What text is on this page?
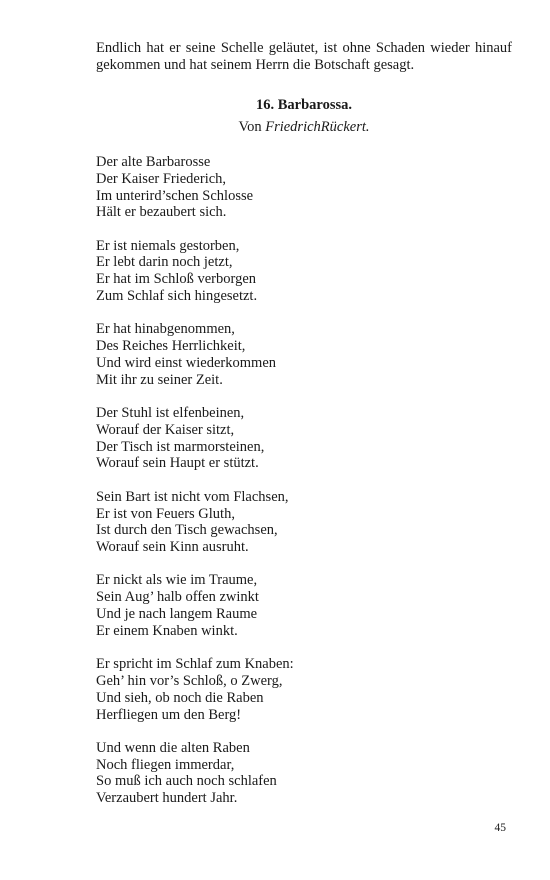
Endlich hat er seine Schelle geläutet, ist ohne Schaden wieder hinauf
gekommen und hat seinem Herrn die Botschaft gesagt.
16. Barbarossa.
Von FriedrichRückert.
Der alte Barbarosse
Der Kaiser Friederich,
Im unterird’schen Schlosse
Hält er bezaubert sich.
Er ist niemals gestorben,
Er lebt darin noch jetzt,
Er hat im Schloß verborgen
Zum Schlaf sich hingesetzt.
Er hat hinabgenommen,
Des Reiches Herrlichkeit,
Und wird einst wiederkommen
Mit ihr zu seiner Zeit.
Der Stuhl ist elfenbeinen,
Worauf der Kaiser sitzt,
Der Tisch ist marmorsteinen,
Worauf sein Haupt er stützt.
Sein Bart ist nicht vom Flachsen,
Er ist von Feuers Gluth,
Ist durch den Tisch gewachsen,
Worauf sein Kinn ausruht.
Er nickt als wie im Traume,
Sein Aug’ halb offen zwinkt
Und je nach langem Raume
Er einem Knaben winkt.
Er spricht im Schlaf zum Knaben:
Geh’ hin vor’s Schloß, o Zwerg,
Und sieh, ob noch die Raben
Herfliegen um den Berg!
Und wenn die alten Raben
Noch fliegen immerdar,
So muß ich auch noch schlafen
Verzaubert hundert Jahr.
45
